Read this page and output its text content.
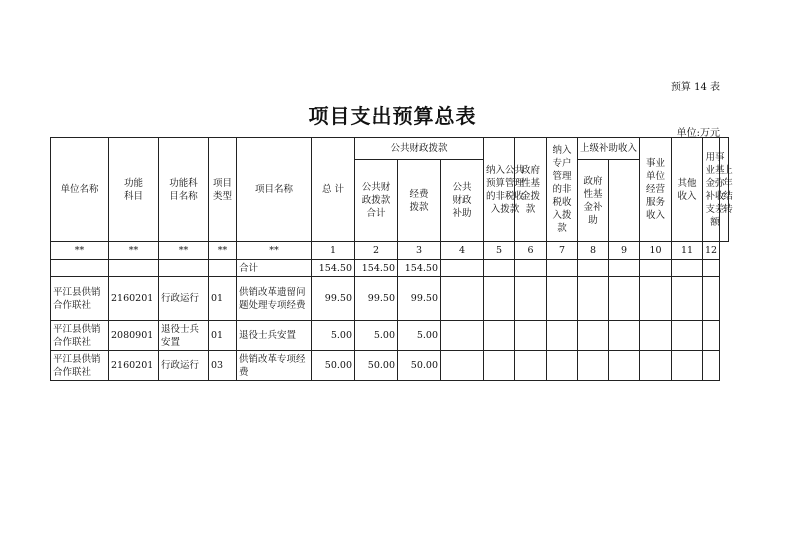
预算 14 表
项目支出预算总表
单位:万元
单位名称	功能科目	功能科目名称	项目类型	项目名称	总 计	公共财政拨款			纳入公共预算管理的非税收入拨款	政府性基金拨款	纳入专户管理的非税收入拨款	上级补助收入		事业单位经营服务收入	其他收入	用事业基金弥补收支差额	上年结转
						公共财政拨款合计	经费拨款	公共财政补助				政府性基金补助					

**	**	**	**	**	1	2	3	4	5	6	7	8	9	10	11	12	
				合计	154.50	154.50	154.50										
平江县供销合作联社	2160201	行政运行	01	供销改革遗留问题处理专项经费	99.50	99.50	99.50										
平江县供销合作联社	2080901	退役士兵安置	01	退役士兵安置	5.00	5.00	5.00										
平江县供销合作联社	2160201	行政运行	03	供销改革专项经费	50.00	50.00	50.00										
